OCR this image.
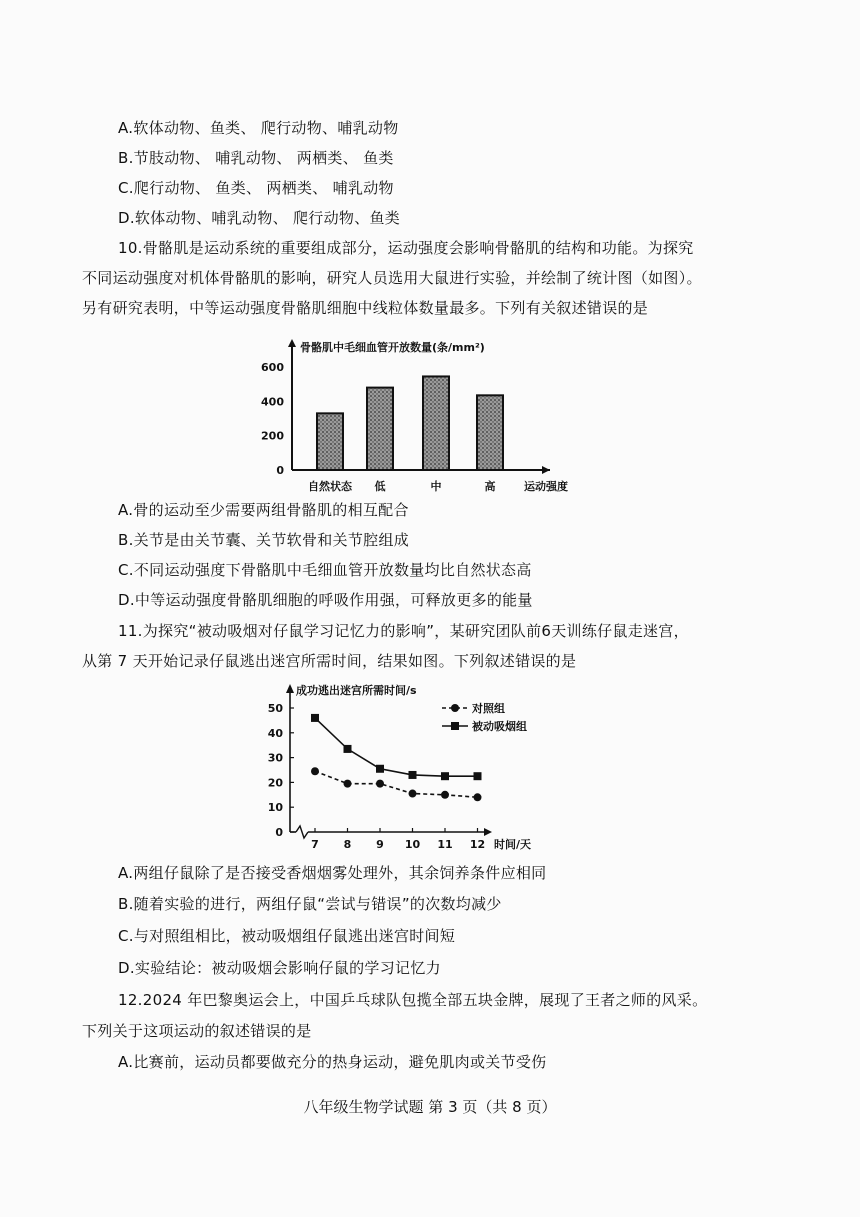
A.软体动物、鱼类、 爬行动物、哺乳动物
B.节肢动物、 哺乳动物、 两栖类、 鱼类
C.爬行动物、 鱼类、 两栖类、 哺乳动物
D.软体动物、哺乳动物、 爬行动物、鱼类
10.骨骼肌是运动系统的重要组成部分，运动强度会影响骨骼肌的结构和功能。为探究
不同运动强度对机体骨骼肌的影响，研究人员选用大鼠进行实验，并绘制了统计图（如图）。
另有研究表明，中等运动强度骨骼肌细胞中线粒体数量最多。下列有关叙述错误的是
骨骼肌中毛细血管开放数量(条/mm²)
0
200
400
600
自然状态 低	中	高	运动强度
A.骨的运动至少需要两组骨骼肌的相互配合
B.关节是由关节囊、关节软骨和关节腔组成
C.不同运动强度下骨骼肌中毛细血管开放数量均比自然状态高
D.中等运动强度骨骼肌细胞的呼吸作用强，可释放更多的能量
11.为探究“被动吸烟对仔鼠学习记忆力的影响”，某研究团队前6天训练仔鼠走迷宫，
从第 7 天开始记录仔鼠逃出迷宫所需时间，结果如图。下列叙述错误的是
成功逃出迷宫所需时间/s
0
10
20
30
40
50
7 8 9 10 11 12 时间/天
对照组
被动吸烟组
A.两组仔鼠除了是否接受香烟烟雾处理外，其余饲养条件应相同
B.随着实验的进行，两组仔鼠“尝试与错误”的次数均减少
C.与对照组相比，被动吸烟组仔鼠逃出迷宫时间短
D.实验结论：被动吸烟会影响仔鼠的学习记忆力
12.2024 年巴黎奥运会上，中国乒乓球队包揽全部五块金牌，展现了王者之师的风采。
下列关于这项运动的叙述错误的是
A.比赛前，运动员都要做充分的热身运动，避免肌肉或关节受伤
八年级生物学试题 第 3 页（共 8 页）
